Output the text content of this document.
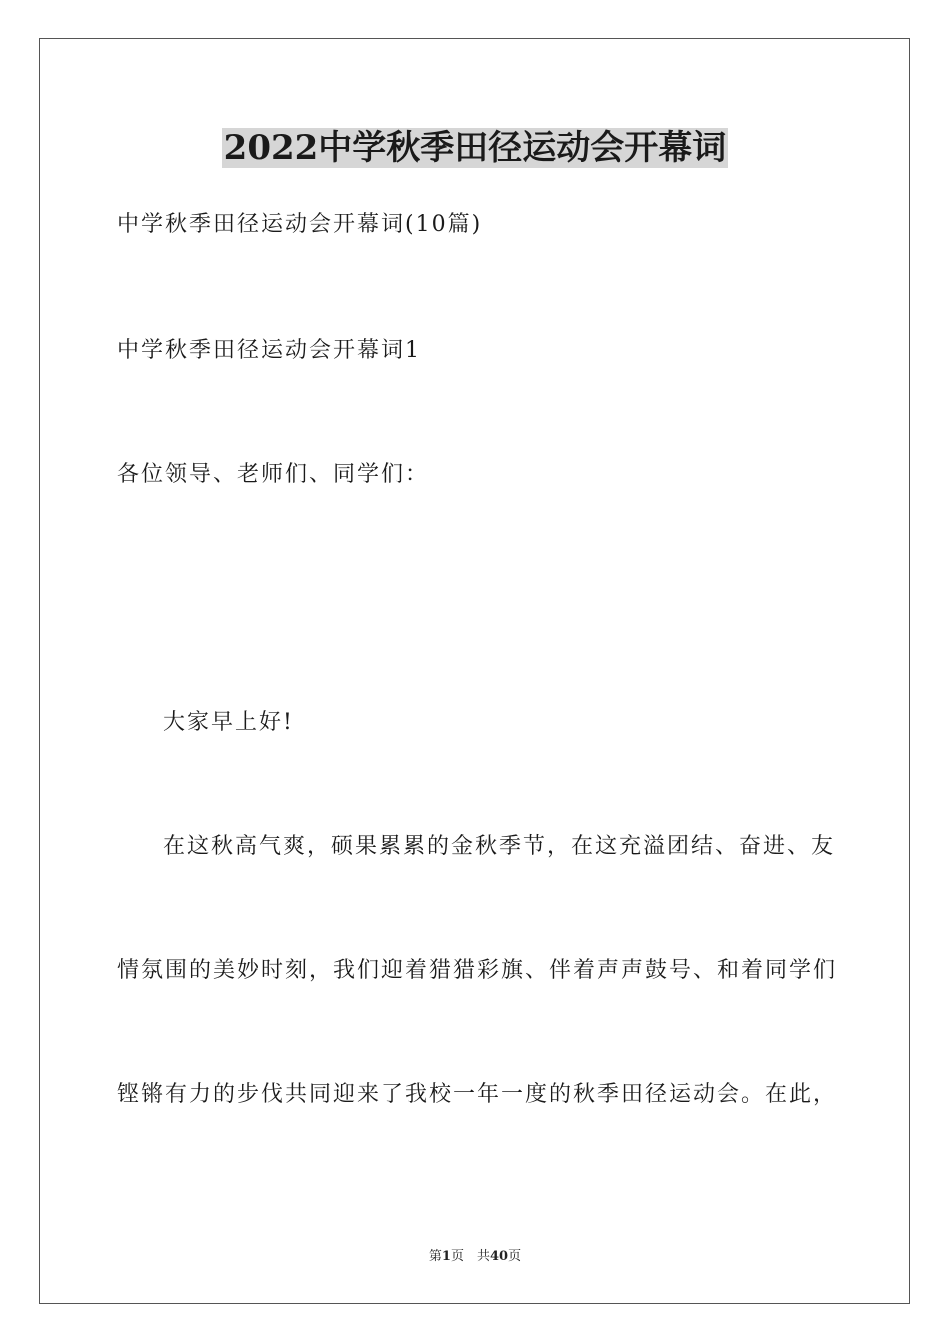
2022中学秋季田径运动会开幕词
中学秋季田径运动会开幕词(10篇)
中学秋季田径运动会开幕词1
各位领导、老师们、同学们：
大家早上好!
在这秋高气爽，硕果累累的金秋季节，在这充溢团结、奋进、友
情氛围的美妙时刻，我们迎着猎猎彩旗、伴着声声鼓号、和着同学们
铿锵有力的步伐共同迎来了我校一年一度的秋季田径运动会。在此，
第1页　共40页
